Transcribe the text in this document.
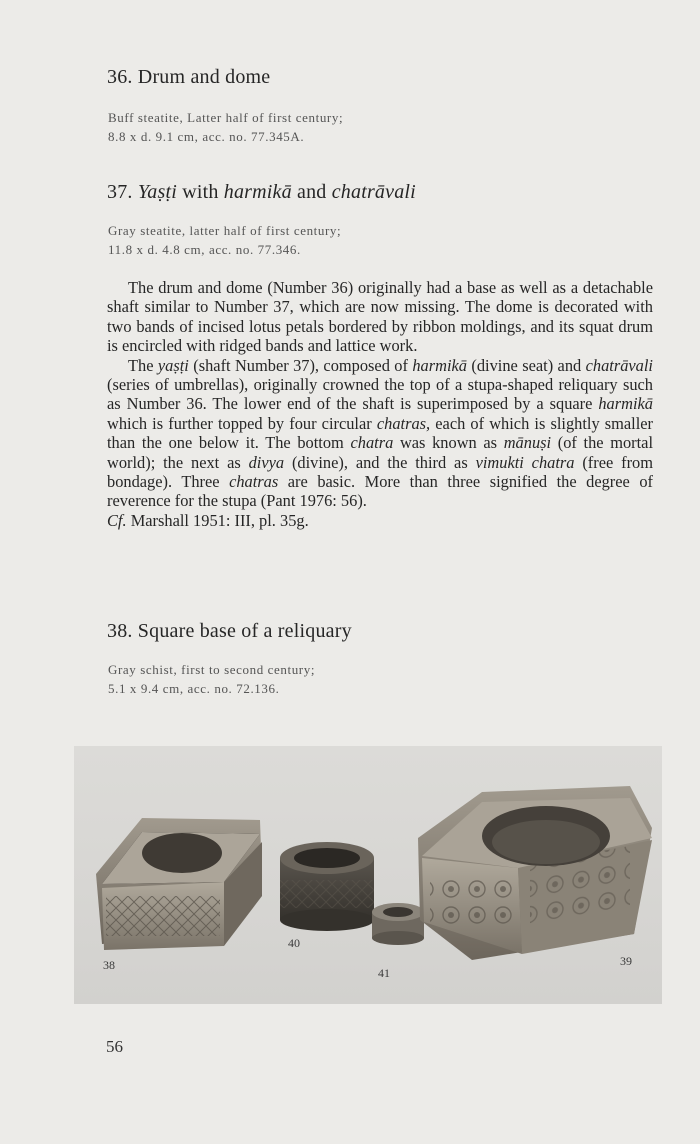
36. Drum and dome
Buff steatite, Latter half of first century;
8.8 x d. 9.1 cm, acc. no. 77.345A.
37. Yaṣṭi with harmikā and chatrāvali
Gray steatite, latter half of first century;
11.8 x d. 4.8 cm, acc. no. 77.346.

The drum and dome (Number 36) originally had a base as well as a detachable shaft similar to Number 37, which are now missing. The dome is decorated with two bands of incised lotus petals bordered by ribbon moldings, and its squat drum is encircled with ridged bands and lattice work.

The yaṣṭi (shaft Number 37), composed of harmikā (divine seat) and chatrāvali (series of umbrellas), originally crowned the top of a stupa-shaped reliquary such as Number 36. The lower end of the shaft is superimposed by a square harmikā which is further topped by four circular chatras, each of which is slightly smaller than the one below it. The bottom chatra was known as mānuṣi (of the mortal world); the next as divya (divine), and the third as vimukti chatra (free from bondage). Three chatras are basic. More than three signified the degree of reverence for the stupa (Pant 1976: 56).

Cf. Marshall 1951: III, pl. 35g.

38. Square base of a reliquary
Gray schist, first to second century;
5.1 x 9.4 cm, acc. no. 72.136.
38
40
41
39
56
